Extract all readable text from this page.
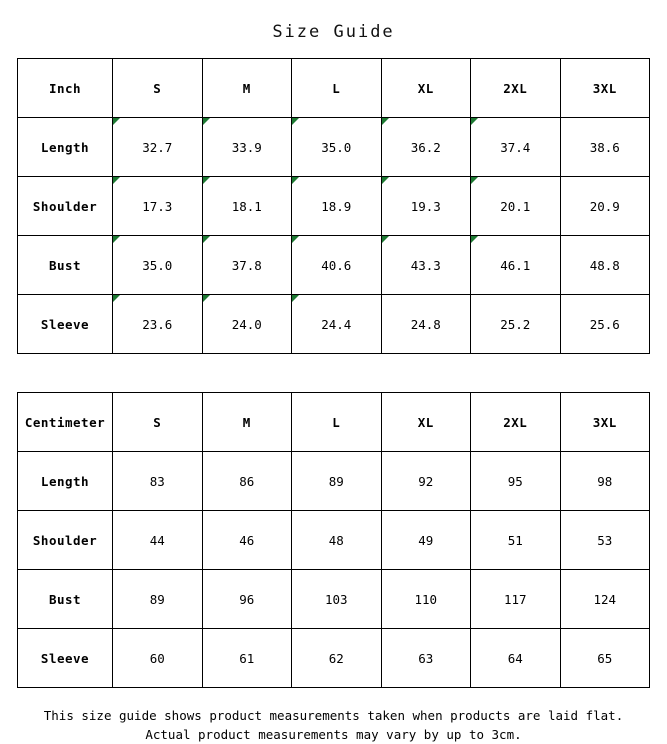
Size Guide
Inch	S	M	L	XL	2XL	3XL
Length	32.7	33.9	35.0	36.2	37.4	38.6
Shoulder	17.3	18.1	18.9	19.3	20.1	20.9
Bust	35.0	37.8	40.6	43.3	46.1	48.8
Sleeve	23.6	24.0	24.4	24.8	25.2	25.6
Centimeter	S	M	L	XL	2XL	3XL
Length	83	86	89	92	95	98
Shoulder	44	46	48	49	51	53
Bust	89	96	103	110	117	124
Sleeve	60	61	62	63	64	65
This size guide shows product measurements taken when products are laid flat. Actual product measurements may vary by up to 3cm.
